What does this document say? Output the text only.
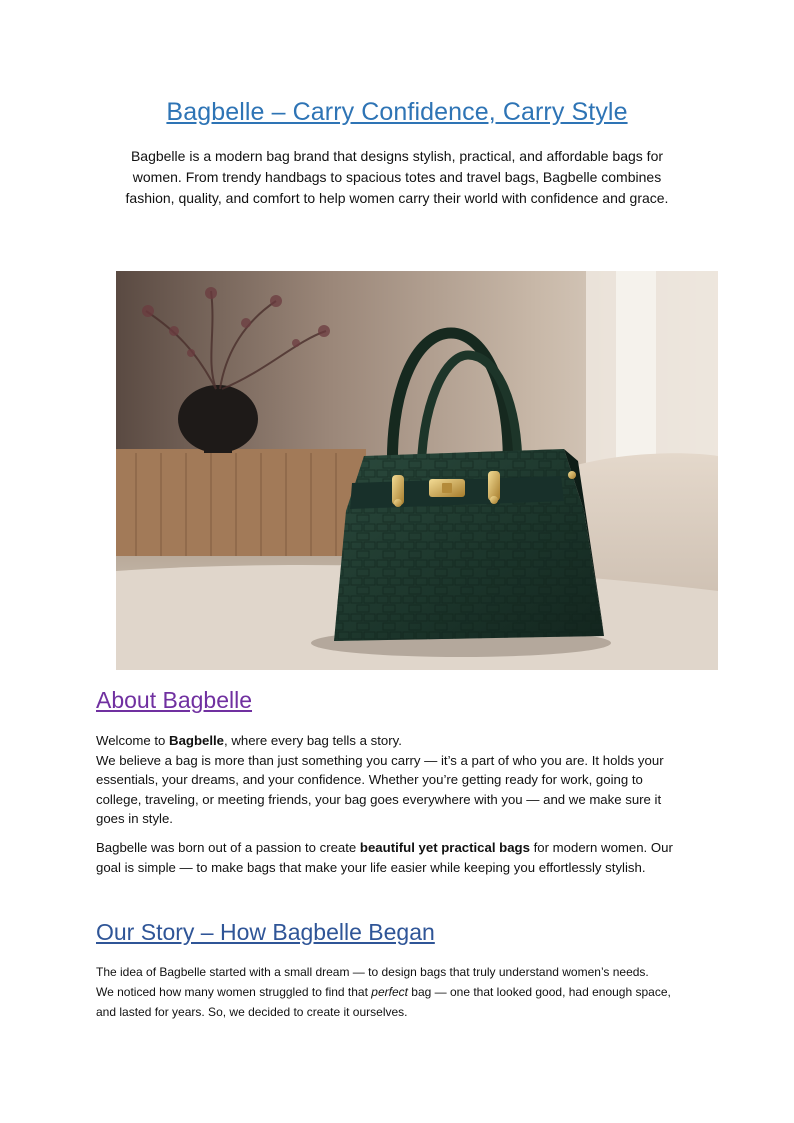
Bagbelle – Carry Confidence, Carry Style

Bagbelle is a modern bag brand that designs stylish, practical, and affordable bags for
women. From trendy handbags to spacious totes and travel bags, Bagbelle combines
fashion, quality, and comfort to help women carry their world with confidence and grace.

About Bagbelle

Welcome to Bagbelle, where every bag tells a story.
We believe a bag is more than just something you carry — it’s a part of who you are. It holds your
essentials, your dreams, and your confidence. Whether you’re getting ready for work, going to
college, traveling, or meeting friends, your bag goes everywhere with you — and we make sure it
goes in style.

Bagbelle was born out of a passion to create beautiful yet practical bags for modern women. Our
goal is simple — to make bags that make your life easier while keeping you effortlessly stylish.

Our Story – How Bagbelle Began

The idea of Bagbelle started with a small dream — to design bags that truly understand women’s needs.
We noticed how many women struggled to find that perfect bag — one that looked good, had enough space,
and lasted for years. So, we decided to create it ourselves.
